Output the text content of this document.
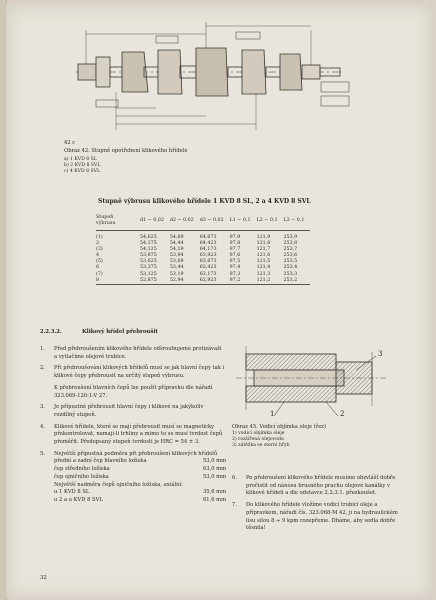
42 c
Obraz 42. Stupně opotřebení klikového hřídele
a) 1 KVD 8 SL
b) 2 KVD 8 SVL
c) 4 KVD 8 SVL
Stupně výbrusu klikového hřídele 1 KVD 8 SL, 2 a 4 KVD 8 SVL
Stupeň výbrusu	d1 − 0,02	d2 − 0,02	d3 − 0,02	L1 − 0,1	L2 − 0,1	L3 − 0,1
(1)	54,625	54,69	64,673	97,9	121,9	253,9
2	54,375	54,44	64,423	97,8	121,8	253,8
(3)	54,125	54,19	64,173	97,7	121,7	253,7
4	53,875	53,94	63,923	97,6	121,6	253,6
(5)	53,625	53,69	63,673	97,5	121,5	253,5
6	53,375	53,44	63,423	97,4	121,4	253,4
(7)	53,125	53,19	63,173	97,3	121,3	253,3
8	52,875	52,94	62,923	97,2	121,2	253,2

2.2.3.2.	Klikový hřídel přebroušit
1.	Před přebroušením klikového hřídele odšroubujeme protizávaží a vytlačíme olejové trubice.
2.	Při přebroušování klikových hřídelů musí se jak hlavní čepy tak i klikové čepy přebrousit na určitý stupeň výbrusu.
K přebroušení hlavních čepů lze použít přípravku dle nářadí 323.069-120:1-V 27.
3.	Je přípustné přebrousit hlavní čepy i klikové na jakýkoliv rozdílný stupeň.
4.	Klikové hřídele, které se mají přebrousit musí se magneticky překontrolovat, nemají-li trhliny a mimo to se musí tvrdost čepů přeměřit. Předepsaný stupeň tvrdosti je HRC = 54 ± 3.
5.	Největší přípustná podměra při přebroušení klikových hřídelů
přední a zadní čep hlavního ložiska	53,0 mm
čep středního ložiska	63,0 mm
čep ojničního ložiska	53,0 mm
Největší nadměra čepů ojničního ložiska, axiální:
u 1 KVD 8 SL	35,6 mm
u 2 a u KVD 8 SVL	61,6 mm
3
1	2
Obraz 45. Vodicí objímka oleje (řez)
1) vodicí objímka oleje
2) rozšířená olejovodu
3) zátěžka se sterní hřyb
6.	Po přebroušení klikového hřídele musíme obzvlášť dobře pročistit od nánosu brusného prachu olejové kanálky v klikové hřídeli a dle odstavce 2.2.3.1. přezkoušet.
7.	Do klikového hřídele vložíme vodicí trubici oleje a přípravkem, nářadí čís. 323.068-M 42, ji na hydraulickém lisu silou 8 ÷ 9 kpm rozepřeme. Dbáme, aby sedla dobře těsnila!
32
